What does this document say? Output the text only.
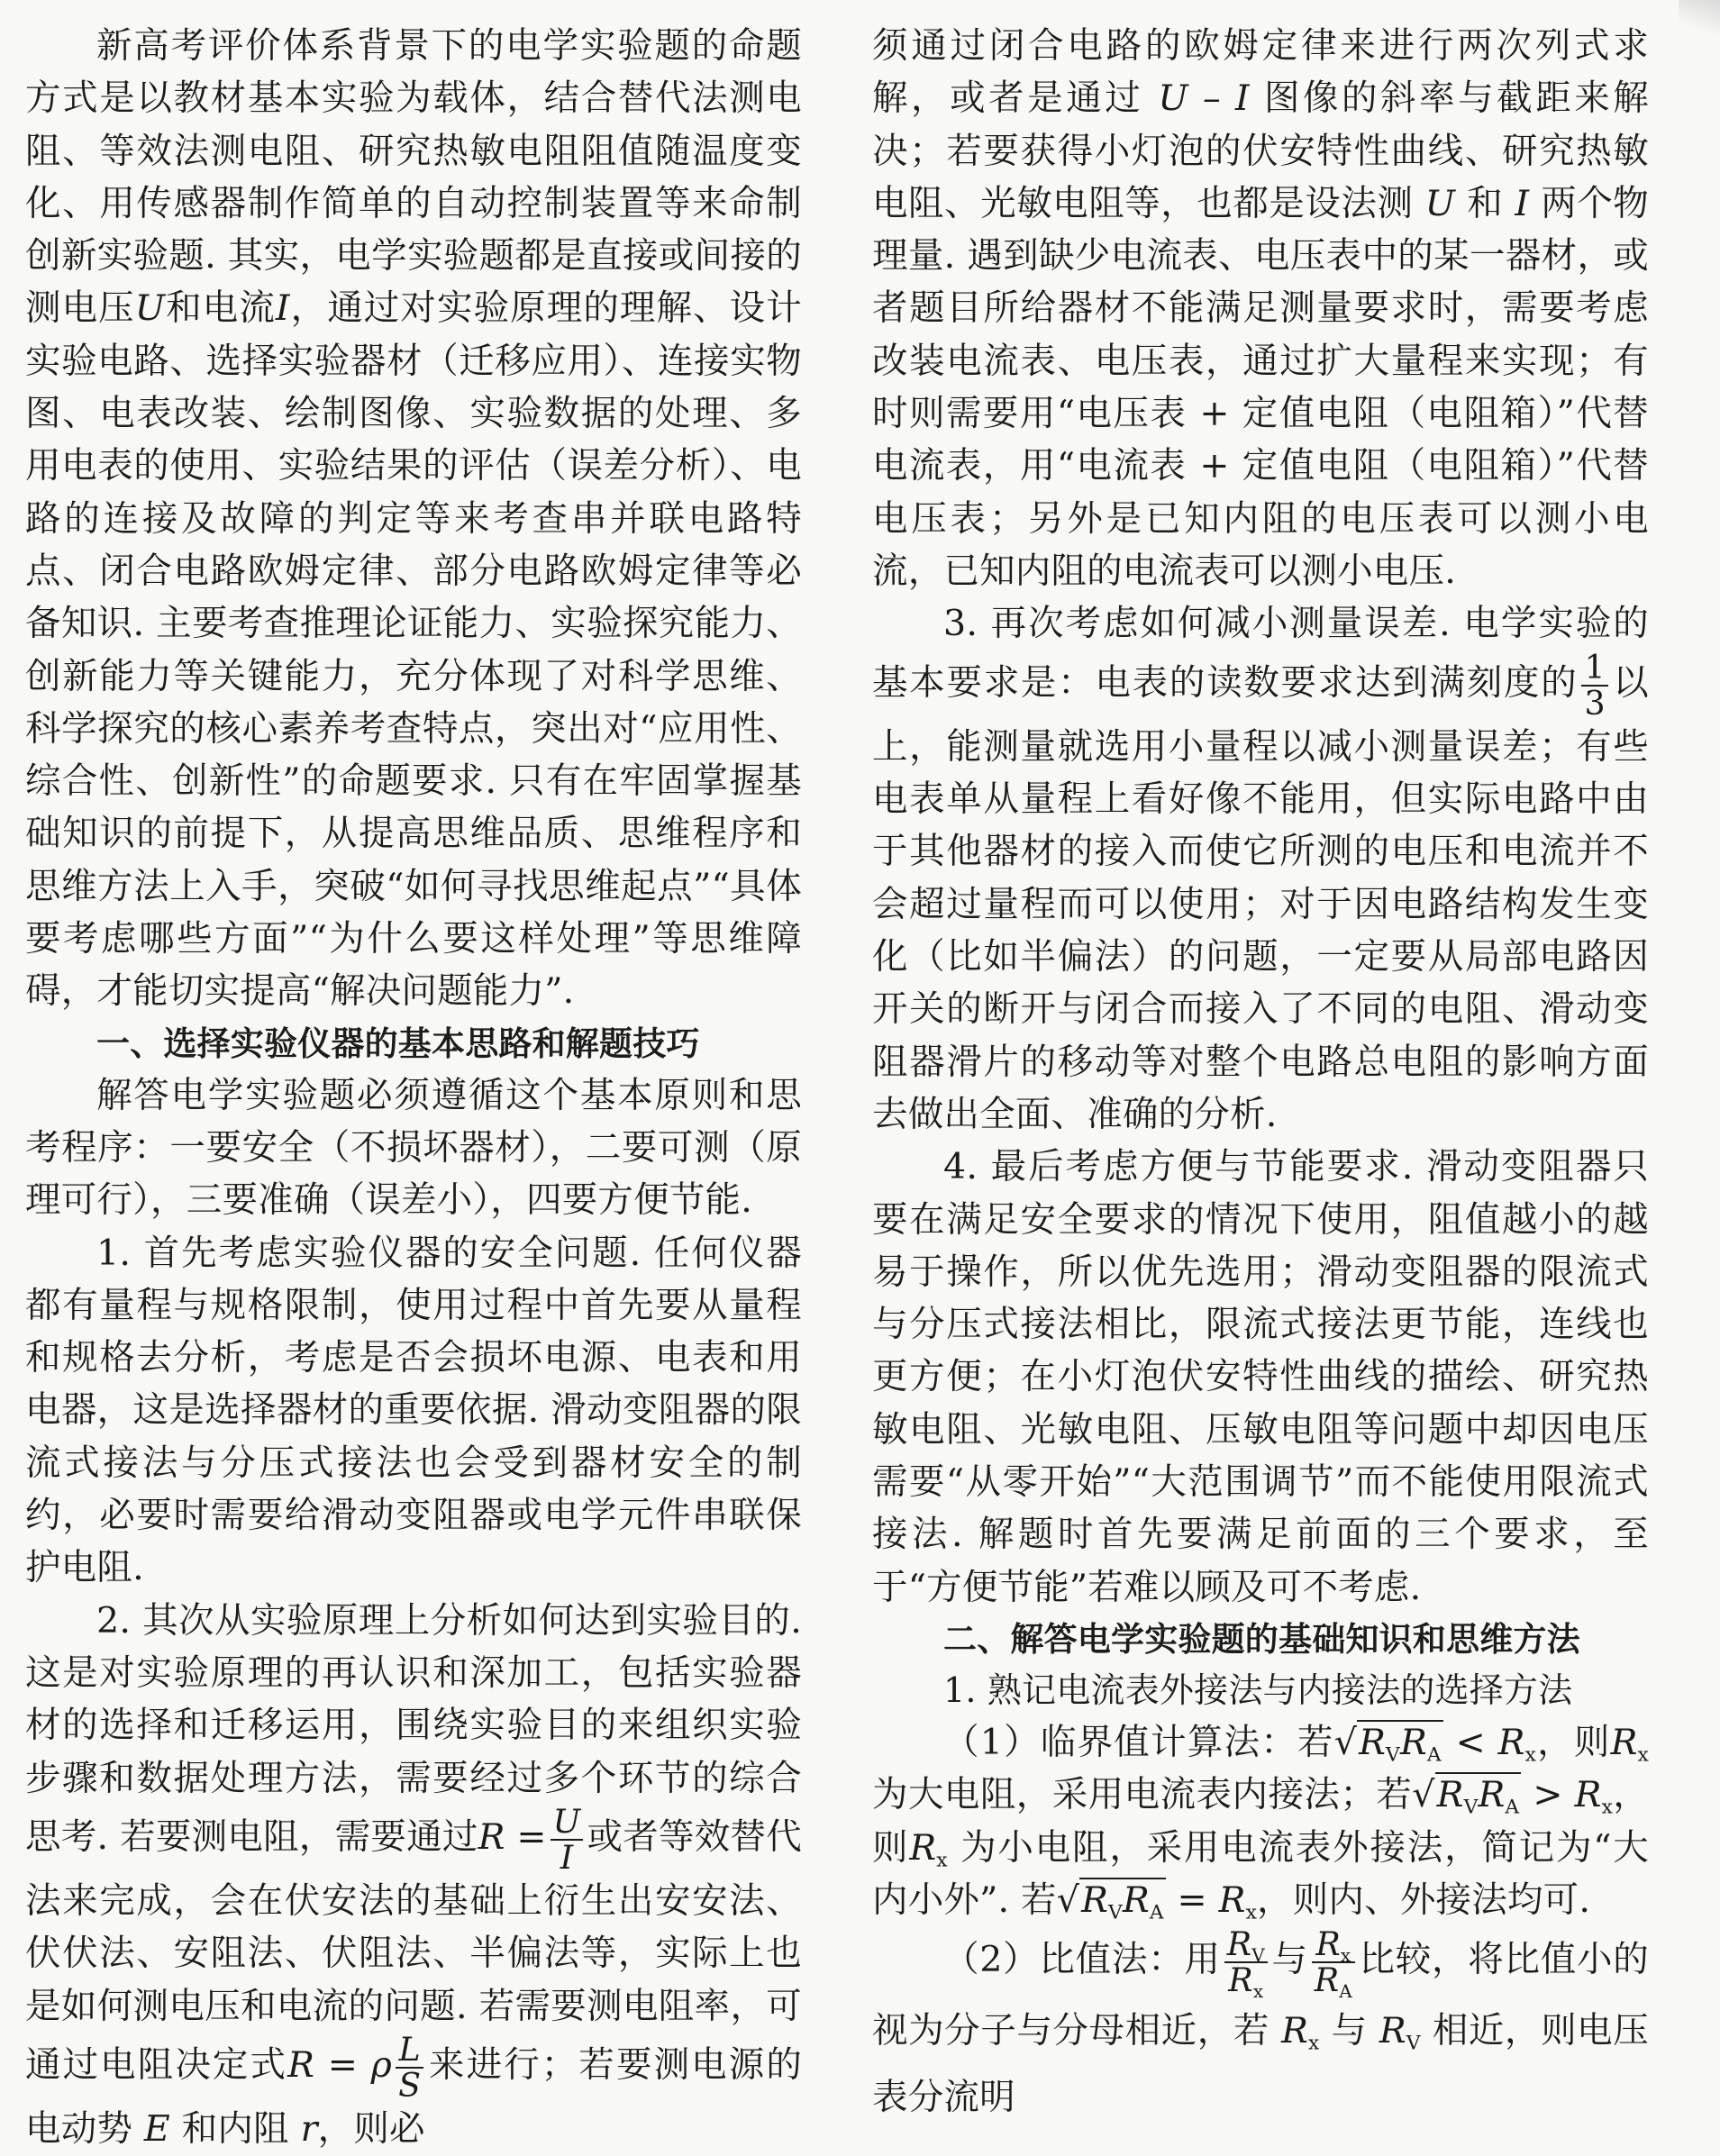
新高考评价体系背景下的电学实验题的命题方式是以教材基本实验为载体，结合替代法测电阻、等效法测电阻、研究热敏电阻阻值随温度变化、用传感器制作简单的自动控制装置等来命制创新实验题. 其实，电学实验题都是直接或间接的测电压U和电流I，通过对实验原理的理解、设计实验电路、选择实验器材（迁移应用）、连接实物图、电表改装、绘制图像、实验数据的处理、多用电表的使用、实验结果的评估（误差分析）、电路的连接及故障的判定等来考查串并联电路特点、闭合电路欧姆定律、部分电路欧姆定律等必备知识. 主要考查推理论证能力、实验探究能力、创新能力等关键能力，充分体现了对科学思维、科学探究的核心素养考查特点，突出对“应用性、综合性、创新性”的命题要求. 只有在牢固掌握基础知识的前提下，从提高思维品质、思维程序和思维方法上入手，突破“如何寻找思维起点”“具体要考虑哪些方面”“为什么要这样处理”等思维障碍，才能切实提高“解决问题能力”.

一、选择实验仪器的基本思路和解题技巧

解答电学实验题必须遵循这个基本原则和思考程序：一要安全（不损坏器材），二要可测（原理可行），三要准确（误差小），四要方便节能.

1. 首先考虑实验仪器的安全问题. 任何仪器都有量程与规格限制，使用过程中首先要从量程和规格去分析，考虑是否会损坏电源、电表和用电器，这是选择器材的重要依据. 滑动变阻器的限流式接法与分压式接法也会受到器材安全的制约，必要时需要给滑动变阻器或电学元件串联保护电阻.

2. 其次从实验原理上分析如何达到实验目的. 这是对实验原理的再认识和深加工，包括实验器材的选择和迁移运用，围绕实验目的来组织实验步骤和数据处理方法，需要经过多个环节的综合思考. 若要测电阻，需要通过$R = \frac{U}{I}$ 或者等效替代法来完成，会在伏安法的基础上衍生出安安法、伏伏法、安阻法、伏阻法、半偏法等，实际上也是如何测电压和电流的问题. 若需要测电阻率，可通过电阻决定式R = ρ $\frac{L}{S}$ 来进行；若要测电源的电动势 E 和内阻 r，则必

须通过闭合电路的欧姆定律来进行两次列式求解，或者是通过 U – I 图像的斜率与截距来解决；若要获得小灯泡的伏安特性曲线、研究热敏电阻、光敏电阻等，也都是设法测 U 和 I 两个物理量. 遇到缺少电流表、电压表中的某一器材，或者题目所给器材不能满足测量要求时，需要考虑改装电流表、电压表，通过扩大量程来实现；有时则需要用“电压表 + 定值电阻（电阻箱）”代替电流表，用“电流表 + 定值电阻（电阻箱）”代替电压表；另外是已知内阻的电压表可以测小电流，已知内阻的电流表可以测小电压.

3. 再次考虑如何减小测量误差. 电学实验的基本要求是：电表的读数要求达到满刻度的 $\frac{1}{3}$ 以上，能测量就选用小量程以减小测量误差；有些电表单从量程上看好像不能用，但实际电路中由于其他器材的接入而使它所测的电压和电流并不会超过量程而可以使用；对于因电路结构发生变化（比如半偏法）的问题，一定要从局部电路因开关的断开与闭合而接入了不同的电阻、滑动变阻器滑片的移动等对整个电路总电阻的影响方面去做出全面、准确的分析.

4. 最后考虑方便与节能要求. 滑动变阻器只要在满足安全要求的情况下使用，阻值越小的越易于操作，所以优先选用；滑动变阻器的限流式与分压式接法相比，限流式接法更节能，连线也更方便；在小灯泡伏安特性曲线的描绘、研究热敏电阻、光敏电阻、压敏电阻等问题中却因电压需要“从零开始”“大范围调节”而不能使用限流式接法. 解题时首先要满足前面的三个要求，至于“方便节能”若难以顾及可不考虑.

二、解答电学实验题的基础知识和思维方法

1. 熟记电流表外接法与内接法的选择方法

（1）临界值计算法：若$√R_VR_A < R_x$，则$R_x$ 为大电阻，采用电流表内接法；若$√R_VR_A > R_x$，则$R_x$ 为小电阻，采用电流表外接法，简记为“大内小外”. 若$√R_VR_A = R_x$，则内、外接法均可.

（2）比值法：用 $\frac{R_V}{R_x}$ 与 $\frac{R_x}{R_A}$ 比较，将比值小的视为分子与分母相近，若 $R_x$ 与 $R_V$ 相近，则电压表分流明
